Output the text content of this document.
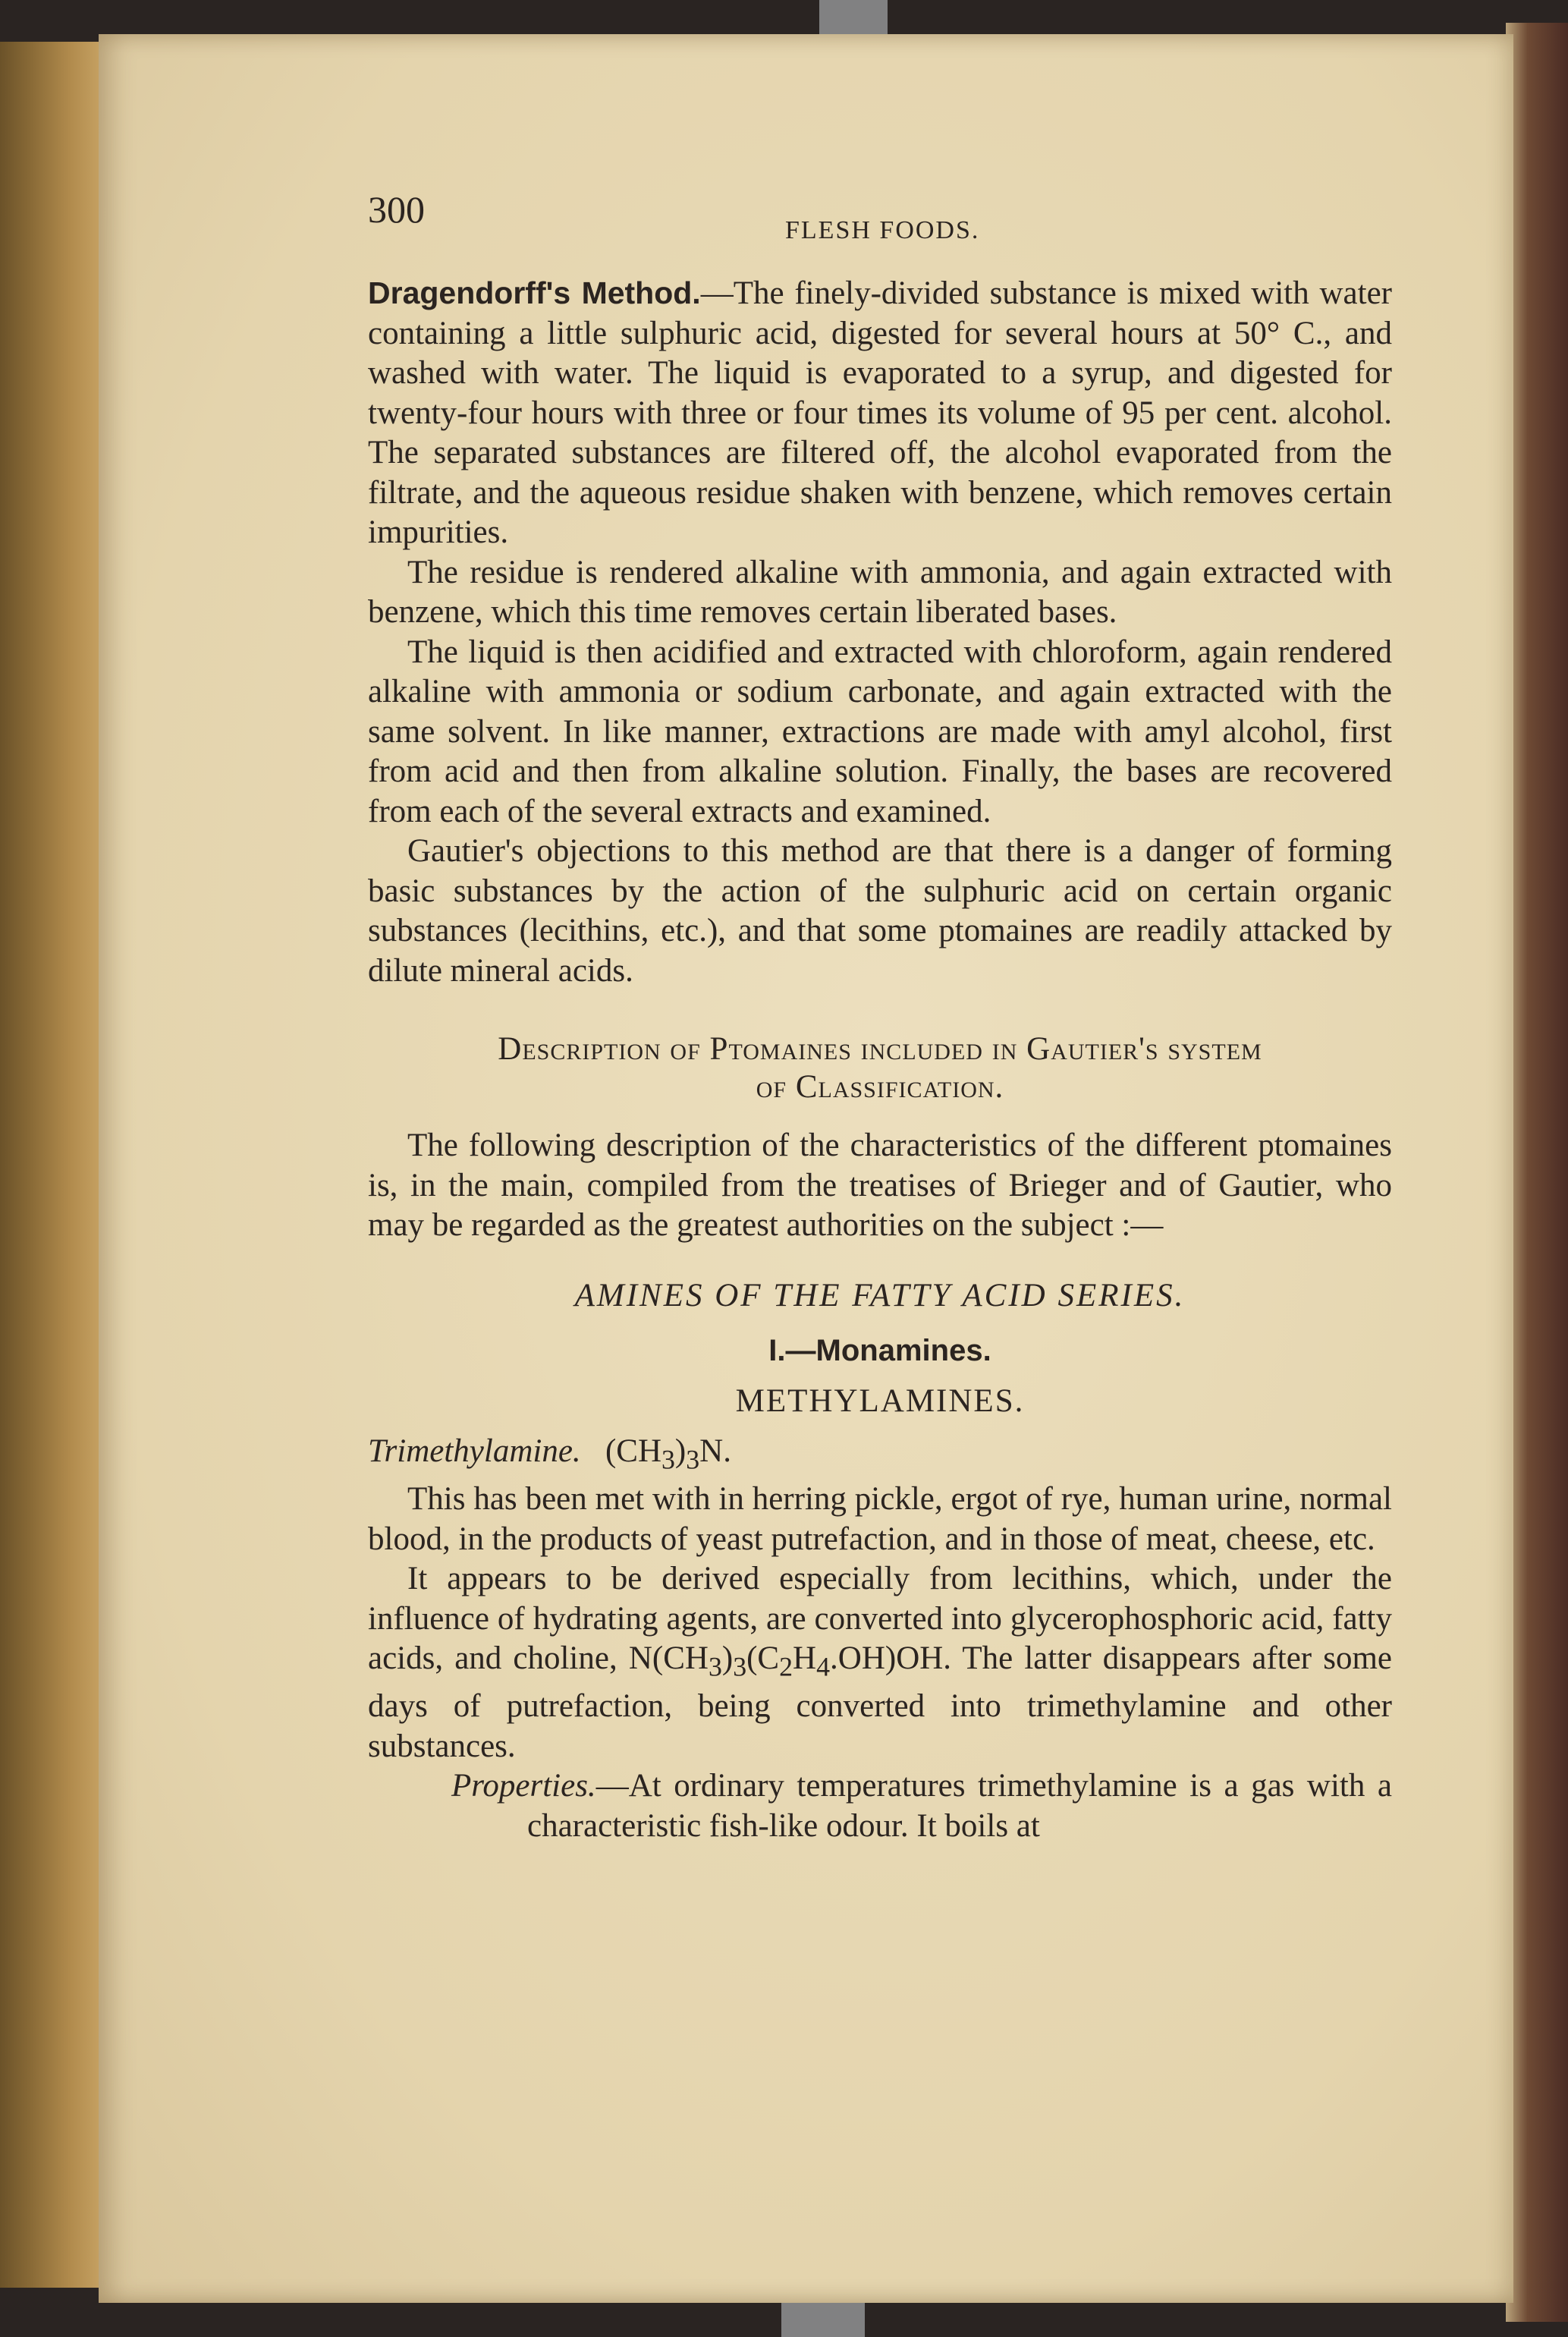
300	FLESH FOODS.

Dragendorff's Method.—The finely-divided substance is mixed with water containing a little sulphuric acid, digested for several hours at 50° C., and washed with water. The liquid is evaporated to a syrup, and digested for twenty-four hours with three or four times its volume of 95 per cent. alcohol. The separated substances are filtered off, the alcohol evaporated from the filtrate, and the aqueous residue shaken with benzene, which removes certain impurities.

The residue is rendered alkaline with ammonia, and again extracted with benzene, which this time removes certain liberated bases.

The liquid is then acidified and extracted with chloroform, again rendered alkaline with ammonia or sodium carbonate, and again extracted with the same solvent. In like manner, extractions are made with amyl alcohol, first from acid and then from alkaline solution. Finally, the bases are recovered from each of the several extracts and examined.

Gautier's objections to this method are that there is a danger of forming basic substances by the action of the sulphuric acid on certain organic substances (lecithins, etc.), and that some ptomaines are readily attacked by dilute mineral acids.

Description of Ptomaines included in Gautier's system
of Classification.

The following description of the characteristics of the different ptomaines is, in the main, compiled from the treatises of Brieger and of Gautier, who may be regarded as the greatest authorities on the subject :—

AMINES OF THE FATTY ACID SERIES.
I.—Monamines.
METHYLAMINES.

Trimethylamine. $(CH_3)_3N$.

This has been met with in herring pickle, ergot of rye, human urine, normal blood, in the products of yeast putrefaction, and in those of meat, cheese, etc.

It appears to be derived especially from lecithins, which, under the influence of hydrating agents, are converted into glycerophosphoric acid, fatty acids, and choline, $N(CH_3)_3(C_2H_4.OH)OH$. The latter disappears after some days of putrefaction, being converted into trimethylamine and other substances.

Properties.—At ordinary temperatures trimethylamine is a gas with a characteristic fish-like odour. It boils at
